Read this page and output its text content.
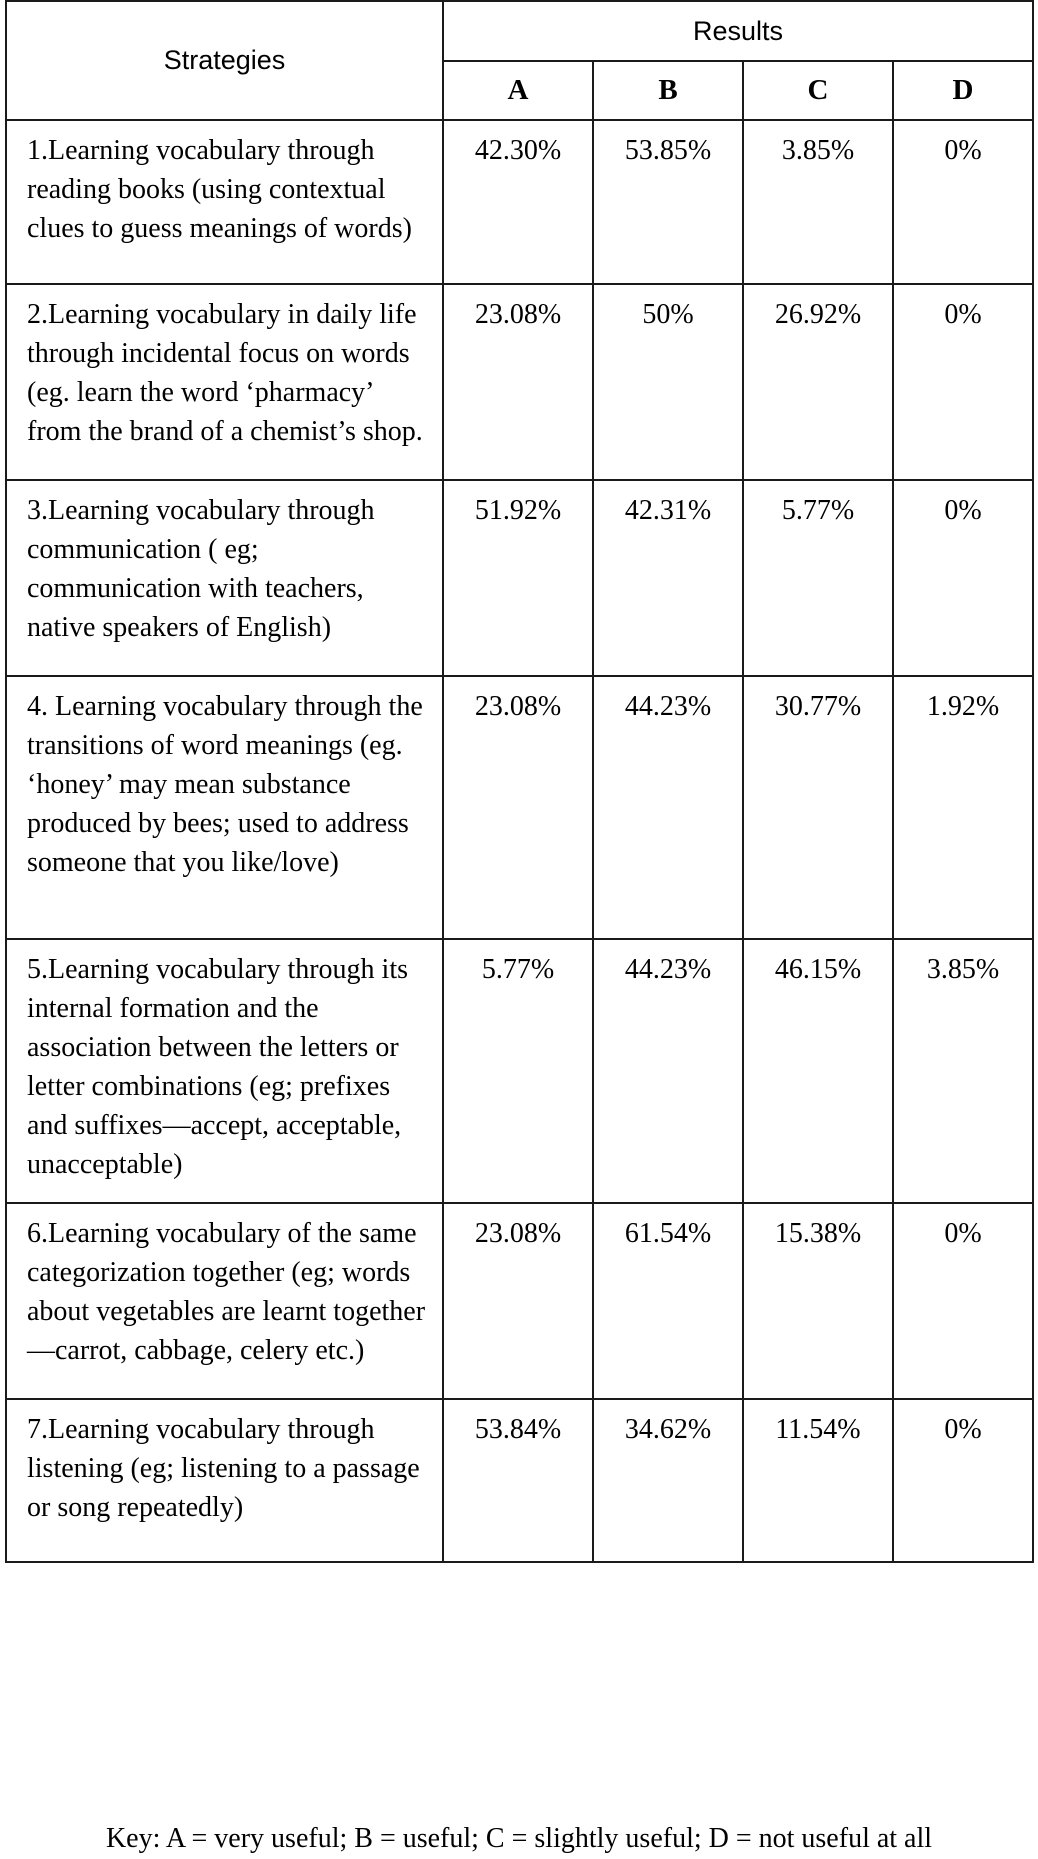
Strategies	Results			
	A	B	C	D
1.Learning vocabulary through reading books (using contextual clues to guess meanings of words)	42.30%	53.85%	3.85%	0%
2.Learning vocabulary in daily life through incidental focus on words (eg. learn the word ‘pharmacy’ from the brand of a chemist’s shop.	23.08%	50%	26.92%	0%
3.Learning vocabulary through communication ( eg; communication with teachers, native speakers of English)	51.92%	42.31%	5.77%	0%
4. Learning vocabulary through the transitions of word meanings (eg. ‘honey’ may mean substance produced by bees; used to address someone that you like/love)	23.08%	44.23%	30.77%	1.92%
5.Learning vocabulary through its internal formation and the association between the letters or letter combinations (eg; prefixes and suffixes—accept, acceptable, unacceptable)	5.77%	44.23%	46.15%	3.85%
6.Learning vocabulary of the same categorization together (eg; words about vegetables are learnt together—carrot, cabbage, celery etc.)	23.08%	61.54%	15.38%	0%
7.Learning vocabulary through listening (eg; listening to a passage or song repeatedly)	53.84%	34.62%	11.54%	0%
Key: A = very useful; B = useful; C = slightly useful; D = not useful at all
